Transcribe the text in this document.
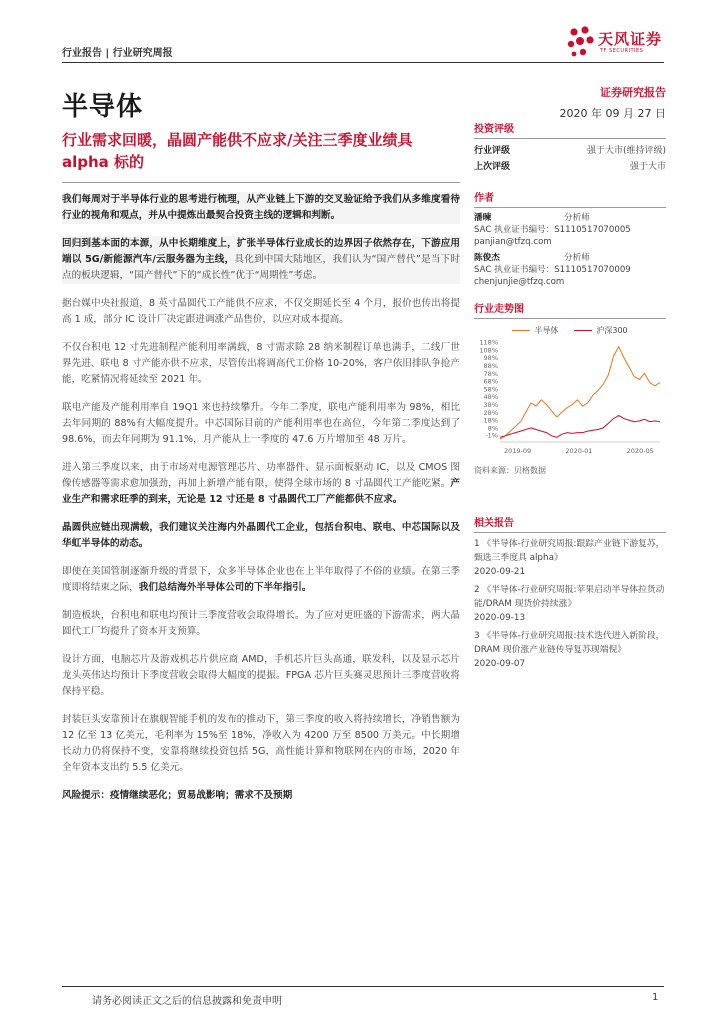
行业报告 | 行业研究周报
天风证券
TF SECURITIES
半导体	证券研究报告
2020 年 09 月 27 日
行业需求回暖，晶圆产能供不应求/关注三季度业绩具 alpha 标的

我们每周对于半导体行业的思考进行梳理，从产业链上下游的交叉验证给予我们从多维度看待行业的视角和观点，并从中提炼出最契合投资主线的逻辑和判断。

回归到基本面的本源，从中长期维度上，扩张半导体行业成长的边界因子依然存在，下游应用端以 5G/新能源汽车/云服务器为主线，具化到中国大陆地区，我们认为“国产替代”是当下时点的板块逻辑，“国产替代”下的“成长性”优于“周期性”考虑。

据台媒中央社报道，8 英寸晶圆代工产能供不应求，不仅交期延长至 4 个月，报价也传出将提高 1 成，部分 IC 设计厂决定跟进调涨产品售价，以应对成本提高。

不仅台积电 12 寸先进制程产能利用率满载，8 寸需求除 28 纳米制程订单也满手，二线厂世界先进、联电 8 寸产能亦供不应求，尽管传出将调高代工价格 10-20%，客户依旧排队争抢产能，吃紧情况将延续至 2021 年。

联电产能及产能利用率自 19Q1 来也持续攀升。今年二季度，联电产能利用率为 98%，相比去年同期的 88%有大幅度提升。中芯国际目前的产能利用率也在高位，今年第二季度达到了 98.6%，而去年同期为 91.1%，月产能从上一季度的 47.6 万片增加至 48 万片。

进入第三季度以来，由于市场对电源管理芯片、功率器件、显示面板驱动 IC，以及 CMOS 图像传感器等需求愈加强劲，再加上新增产能有限，使得全球市场的 8 寸晶圆代工产能吃紧。产业生产和需求旺季的到来，无论是 12 寸还是 8 寸晶圆代工厂产能都供不应求。

晶圆供应链出现满载，我们建议关注海内外晶圆代工企业，包括台积电、联电、中芯国际以及华虹半导体的动态。

即使在美国管制逐渐升级的背景下，众多半导体企业也在上半年取得了不俗的业绩。在第三季度即将结束之际，我们总结海外半导体公司的下半年指引。

制造板块，台积电和联电均预计三季度营收会取得增长。为了应对更旺盛的下游需求，两大晶圆代工厂均提升了资本开支预算。

设计方面，电脑芯片及游戏机芯片供应商 AMD，手机芯片巨头高通，联发科，以及显示芯片龙头英伟达均预计下季度营收会取得大幅度的提振。FPGA 芯片巨头赛灵思预计三季度营收将保持平稳。

封装巨头安靠预计在旗舰智能手机的发布的推动下，第三季度的收入将持续增长，净销售额为 12 亿至 13 亿美元，毛利率为 15%至 18%，净收入为 4200 万至 8500 万美元。中长期增长动力仍将保持不变，安靠将继续投资包括 5G，高性能计算和物联网在内的市场，2020 年全年资本支出约 5.5 亿美元。

风险提示：疫情继续恶化；贸易战影响；需求不及预期

投资评级
行业评级	强于大市(维持评级)
上次评级	强于大市
作者
潘暕	分析师
SAC 执业证书编号：S1110517070005
panjian@tfzq.com
陈俊杰	分析师
SAC 执业证书编号：S1110517070009
chenjunjie@tfzq.com
行业走势图
半导体	沪深300
-1%
8%
18%
28%
38%
48%
58%
68%
78%
88%
98%
108%
118%
2019-09	2020-01	2020-05
资料来源：贝格数据
相关报告
1 《半导体-行业研究周报:跟踪产业链下游复苏，甄选三季度具 alpha》
2020-09-21
2 《半导体-行业研究周报:苹果启动半导体拉货动能/DRAM 现货价持续涨》
2020-09-13
3 《半导体-行业研究周报:技术迭代进入新阶段，DRAM 现价涨产业链传导复苏现端倪》
2020-09-07
请务必阅读正文之后的信息披露和免责申明	1
